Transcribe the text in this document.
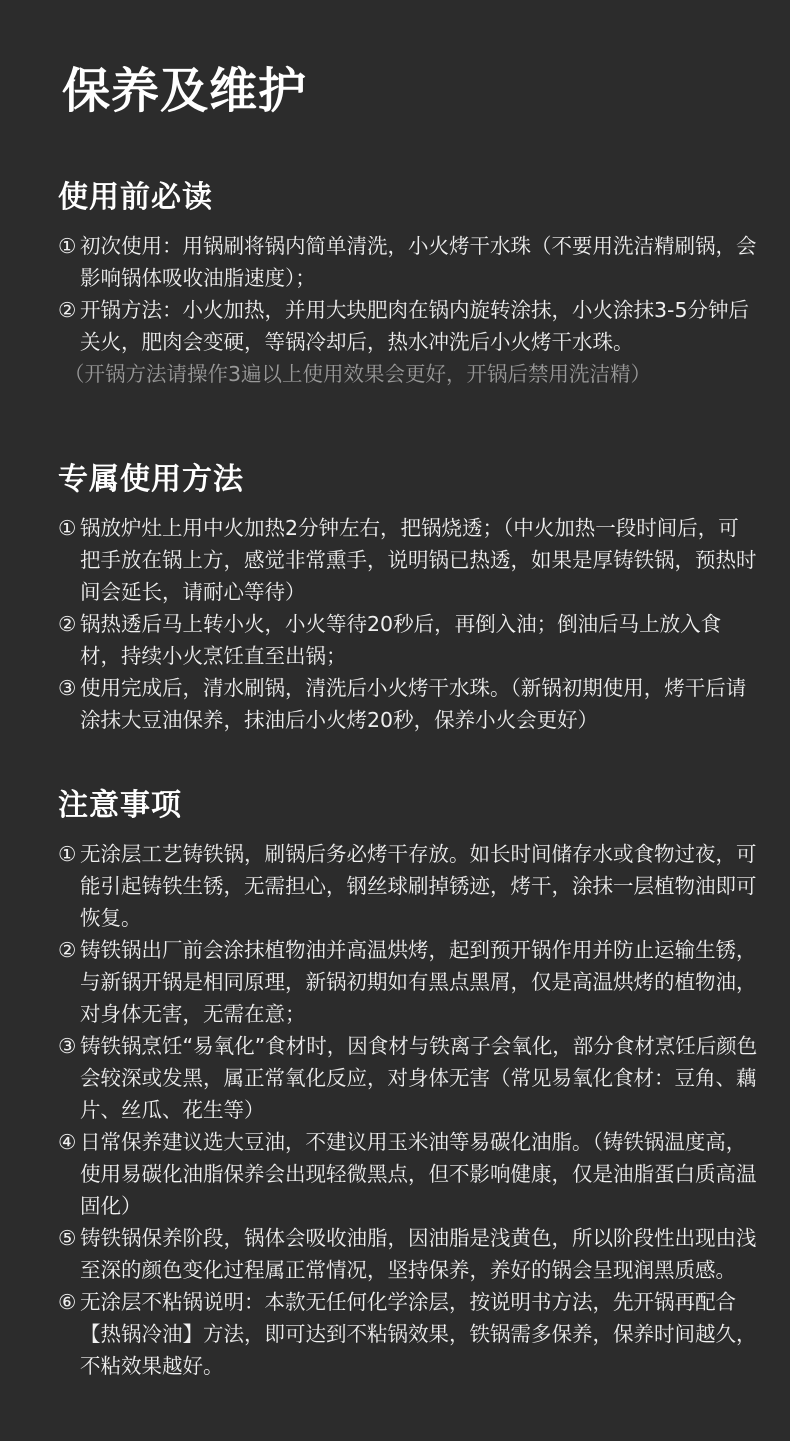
保养及维护
使用前必读

① 初次使用：用锅刷将锅内简单清洗，小火烤干水珠（不要用洗洁精刷锅，会影响锅体吸收油脂速度）；

② 开锅方法：小火加热，并用大块肥肉在锅内旋转涂抹，小火涂抹3-5分钟后关火，肥肉会变硬，等锅冷却后，热水冲洗后小火烤干水珠。

（开锅方法请操作3遍以上使用效果会更好，开锅后禁用洗洁精）

专属使用方法

① 锅放炉灶上用中火加热2分钟左右，把锅烧透；（中火加热一段时间后，可把手放在锅上方，感觉非常熏手，说明锅已热透，如果是厚铸铁锅，预热时间会延长，请耐心等待）

② 锅热透后马上转小火，小火等待20秒后，再倒入油；倒油后马上放入食材，持续小火烹饪直至出锅；

③ 使用完成后，清水刷锅，清洗后小火烤干水珠。（新锅初期使用，烤干后请涂抹大豆油保养，抹油后小火烤20秒，保养小火会更好）

注意事项

① 无涂层工艺铸铁锅，刷锅后务必烤干存放。如长时间储存水或食物过夜，可能引起铸铁生锈，无需担心，钢丝球刷掉锈迹，烤干，涂抹一层植物油即可恢复。

② 铸铁锅出厂前会涂抹植物油并高温烘烤，起到预开锅作用并防止运输生锈，与新锅开锅是相同原理，新锅初期如有黑点黑屑，仅是高温烘烤的植物油，对身体无害，无需在意；

③ 铸铁锅烹饪“易氧化”食材时，因食材与铁离子会氧化，部分食材烹饪后颜色会较深或发黑，属正常氧化反应，对身体无害（常见易氧化食材：豆角、藕片、丝瓜、花生等）

④ 日常保养建议选大豆油，不建议用玉米油等易碳化油脂。（铸铁锅温度高，使用易碳化油脂保养会出现轻微黑点，但不影响健康，仅是油脂蛋白质高温固化）

⑤ 铸铁锅保养阶段，锅体会吸收油脂，因油脂是浅黄色，所以阶段性出现由浅至深的颜色变化过程属正常情况，坚持保养，养好的锅会呈现润黑质感。

⑥ 无涂层不粘锅说明：本款无任何化学涂层，按说明书方法，先开锅再配合【热锅冷油】方法，即可达到不粘锅效果，铁锅需多保养，保养时间越久，不粘效果越好。
